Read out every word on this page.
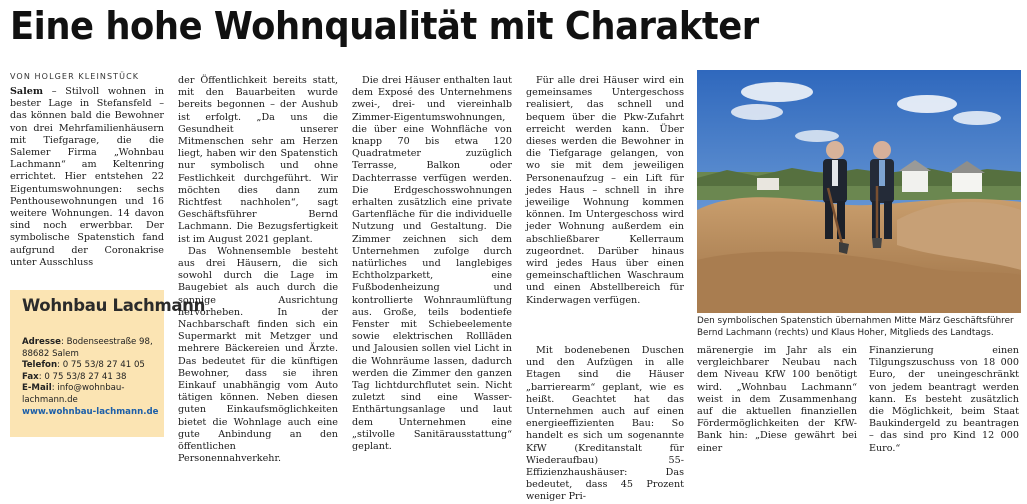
Eine hohe Wohnqualität mit Charakter
VON HOLGER KLEINSTÜCK

Salem – Stilvoll wohnen in bester Lage in Stefansfeld – das können bald die Bewohner von drei Mehrfamilienhäusern mit Tiefgarage, die die Salemer Firma „Wohnbau Lachmann“ am Keltenring errichtet. Hier entstehen 22 Eigentumswohnungen: sechs Penthousewohnungen und 16 weitere Wohnungen. 14 davon sind noch erwerbbar. Der symbolische Spatenstich fand aufgrund der Coronakrise unter Ausschluss

Wohnbau Lachmann
Adresse: Bodenseestraße 98, 88682 Salem
Telefon: 0 75 53/8 27 41 05
Fax: 0 75 53/8 27 41 38
E-Mail: info@wohnbau-lachmann.de
www.wohnbau-lachmann.de

der Öffentlichkeit bereits statt, mit den Bauarbeiten wurde bereits begonnen – der Aushub ist erfolgt. „Da uns die Gesundheit unserer Mitmenschen sehr am Herzen liegt, haben wir den Spatenstich nur symbolisch und ohne Festlichkeit durchgeführt. Wir möchten dies dann zum Richtfest nachholen“, sagt Geschäftsführer Bernd Lachmann. Die Bezugsfertigkeit ist im August 2021 geplant.

Das Wohnensemble besteht aus drei Häusern, die sich sowohl durch die Lage im Baugebiet als auch durch die sonnige Ausrichtung hervorheben. In der Nachbarschaft finden sich ein Supermarkt mit Metzger und mehrere Bäckereien und Ärzte. Das bedeutet für die künftigen Bewohner, dass sie ihren Einkauf unabhängig vom Auto tätigen können. Neben diesen guten Einkaufsmöglichkeiten bietet die Wohnlage auch eine gute Anbindung an den öffentlichen Personennahverkehr.

Die drei Häuser enthalten laut dem Exposé des Unternehmens zwei-, drei- und viereinhalb Zimmer-Eigentumswohnungen, die über eine Wohnfläche von knapp 70 bis etwa 120 Quadratmeter zuzüglich Terrasse, Balkon oder Dachterrasse verfügen werden. Die Erdgeschosswohnungen erhalten zusätzlich eine private Gartenfläche für die individuelle Nutzung und Gestaltung. Die Zimmer zeichnen sich dem Unternehmen zufolge durch natürliches und langlebiges Echtholzparkett, eine Fußbodenheizung und kontrollierte Wohnraumlüftung aus. Große, teils bodentiefe Fenster mit Schiebeelemente sowie elektrischen Rollläden und Jalousien sollen viel Licht in die Wohnräume lassen, dadurch werden die Zimmer den ganzen Tag lichtdurchflutet sein. Nicht zuletzt sind eine Wasser-Enthärtungsanlage und laut dem Unternehmen eine „stilvolle Sanitärausstattung“ geplant.

Für alle drei Häuser wird ein gemeinsames Untergeschoss realisiert, das schnell und bequem über die Pkw-Zufahrt erreicht werden kann. Über dieses werden die Bewohner in die Tiefgarage gelangen, von wo sie mit dem jeweiligen Personenaufzug – ein Lift für jedes Haus – schnell in ihre jeweilige Wohnung kommen können. Im Untergeschoss wird jeder Wohnung außerdem ein abschließbarer Kellerraum zugeordnet. Darüber hinaus wird jedes Haus über einen gemeinschaftlichen Waschraum und einen Abstellbereich für Kinderwagen verfügen.

Mit bodenebenen Duschen und den Aufzügen in alle Etagen sind die Häuser „barrierearm“ geplant, wie es heißt. Geachtet hat das Unternehmen auch auf einen energieeffizienten Bau: So handelt es sich um sogenannte KfW (Kreditanstalt für Wiederaufbau) 55-Effizienzhaushäuser: Das bedeutet, dass 45 Prozent weniger Pri-

Den symbolischen Spatenstich übernahmen Mitte März Geschäftsführer Bernd Lachmann (rechts) und Klaus Hoher, Mitglieds des Landtags.

märenergie im Jahr als ein vergleichbarer Neubau nach dem Niveau KfW 100 benötigt wird. „Wohnbau Lachmann“ weist in dem Zusammenhang auf die aktuellen finanziellen Fördermöglichkeiten der KfW-Bank hin: „Diese gewährt bei einer

Finanzierung einen Tilgungszuschuss von 18 000 Euro, der uneingeschränkt von jedem beantragt werden kann. Es besteht zusätzlich die Möglichkeit, beim Staat Baukindergeld zu beantragen – das sind pro Kind 12 000 Euro.“
